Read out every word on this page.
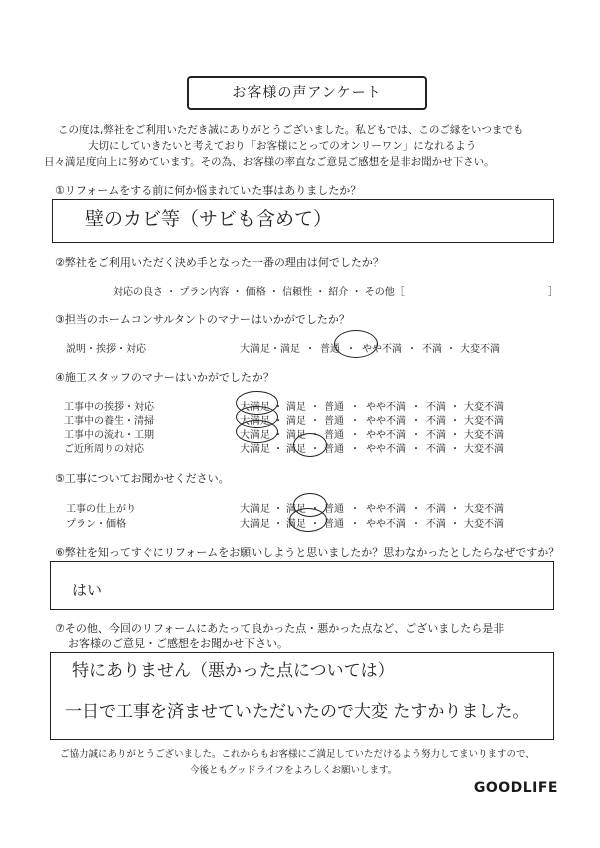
お客様の声アンケート
この度は,弊社をご利用いただき誠にありがとうございました。私どもでは、このご縁をいつまでも
大切にしていきたいと考えており「お客様にとってのオンリーワン」になれるよう
日々満足度向上に努めています。その為、お客様の率直なご意見ご感想を是非お聞かせ下さい。
①リフォームをする前に何か悩まれていた事はありましたか？
壁のカビ等（サビも含めて）
②弊社をご利用いただく決め手となった一番の理由は何でしたか？
対応の良さ ・ プラン内容 ・ 価格 ・ 信頼性 ・ 紹介 ・ その他［	］
③担当のホームコンサルタントのマナーはいかがでしたか？
説明・挨拶・対応	大満足・満足 ・ 普通 ・ やや不満 ・ 不満 ・ 大変不満
④施工スタッフのマナーはいかがでしたか？
工事中の挨拶・対応
工事中の養生・清掃
工事中の流れ・工期
ご近所周りの対応
大満足 ・ 満足 ・ 普通 ・ やや不満 ・ 不満 ・ 大変不満
大満足 ・ 満足 ・ 普通 ・ やや不満 ・ 不満 ・ 大変不満
大満足 ・ 満足 ・ 普通 ・ やや不満 ・ 不満 ・ 大変不満
大満足 ・ 満足 ・ 普通 ・ やや不満 ・ 不満 ・ 大変不満
⑤工事についてお聞かせください。
工事の仕上がり
プラン・価格
大満足 ・ 満足 ・ 普通 ・ やや不満 ・ 不満 ・ 大変不満
大満足 ・ 満足 ・ 普通 ・ やや不満 ・ 不満 ・ 大変不満
⑥弊社を知ってすぐにリフォームをお願いしようと思いましたか？思わなかったとしたらなぜですか？
はい
⑦その他、今回のリフォームにあたって良かった点・悪かった点など、ございましたら是非
お客様のご意見・ご感想をお聞かせ下さい。
特にありません（悪かった点については）
一日で工事を済ませていただいたので大変 たすかりました。
ご協力誠にありがとうございました。これからもお客様にご満足していただけるよう努力してまいりますので、
今後ともグッドライフをよろしくお願いします。
GOODLIFE
